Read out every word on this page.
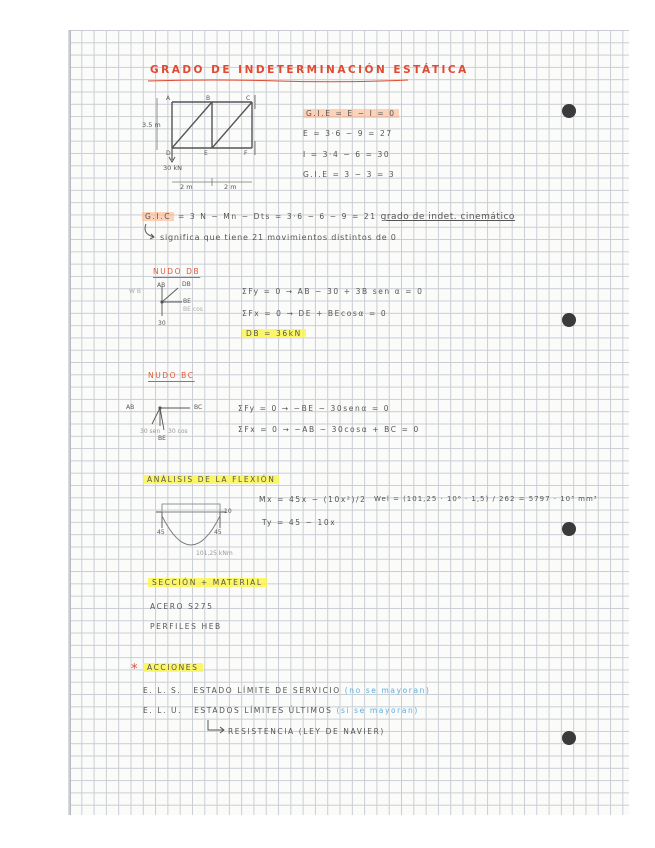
GRADO DE INDETERMINACIÓN ESTÁTICA
3.5 m
A	B	C
D	E	F
30 kN
2 m	2 m
G.I.E = E − I = 0
E = 3·6 − 9 = 27
I = 3·4 − 6 = 30
G.I.E = 3 − 3 = 3
G.I.C = 3 N − Mn − Dts = 3·6 − 6 − 9 = 21 grado de indet. cinemático
significa que tiene 21 movimientos distintos de 0
NUDO DB
AB	DB
BE
BE cos
30
W B	ΣFy = 0 → AB − 30 + 3B sen α = 0
ΣFx = 0 → DE + BEcosα = 0
DB = 36kN
NUDO BC
BC
AB
30 sen 30 cos
BE
ΣFy = 0 → −BE − 30senα = 0
ΣFx = 0 → −AB − 30cosα + BC = 0
ANÁLISIS DE LA FLEXIÓN
10
45	45
101,25 kNm
Mx = 45x − (10x²)/2
Ty = 45 − 10x
Wel = (101,25 · 10⁶ · 1,5) / 262 = 5797 · 10³ mm³
SECCIÓN + MATERIAL
ACERO S275
PERFILES HEB
*	ACCIONES
E. L. S. ESTADO LÍMITE DE SERVICIO (no se mayoran)
E. L. U. ESTADOS LÍMITES ÚLTIMOS (si se mayoran)
RESISTENCIA (LEY DE NAVIER)
